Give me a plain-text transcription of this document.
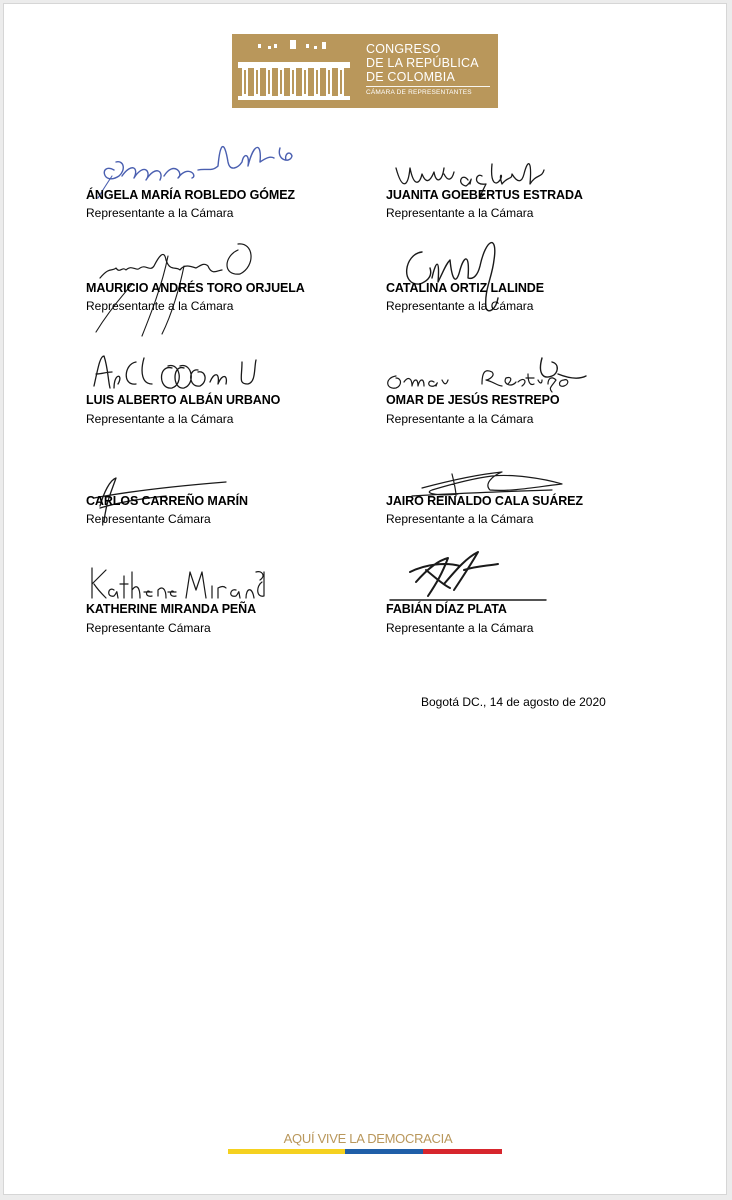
CONGRESO
DE LA REPÚBLICA
DE COLOMBIA
CÁMARA DE REPRESENTANTES
ÁNGELA MARÍA ROBLEDO GÓMEZ
Representante a la Cámara
JUANITA GOEBERTUS ESTRADA
Representante a la Cámara
MAURICIO ANDRÉS TORO ORJUELA
Representante a la Cámara
CATALINA ORTIZ LALINDE
Representante a la Cámara
LUIS ALBERTO ALBÁN URBANO
Representante a la Cámara
OMAR DE JESÚS RESTREPO
Representante a la Cámara
CARLOS CARREÑO MARÍN
Representante Cámara
JAIRO REINALDO CALA SUÁREZ
Representante a la Cámara
KATHERINE MIRANDA PEÑA
Representante Cámara
FABIÁN DÍAZ PLATA
Representante a la Cámara
Bogotá DC., 14 de agosto de 2020
AQUÍ VIVE LA DEMOCRACIA
